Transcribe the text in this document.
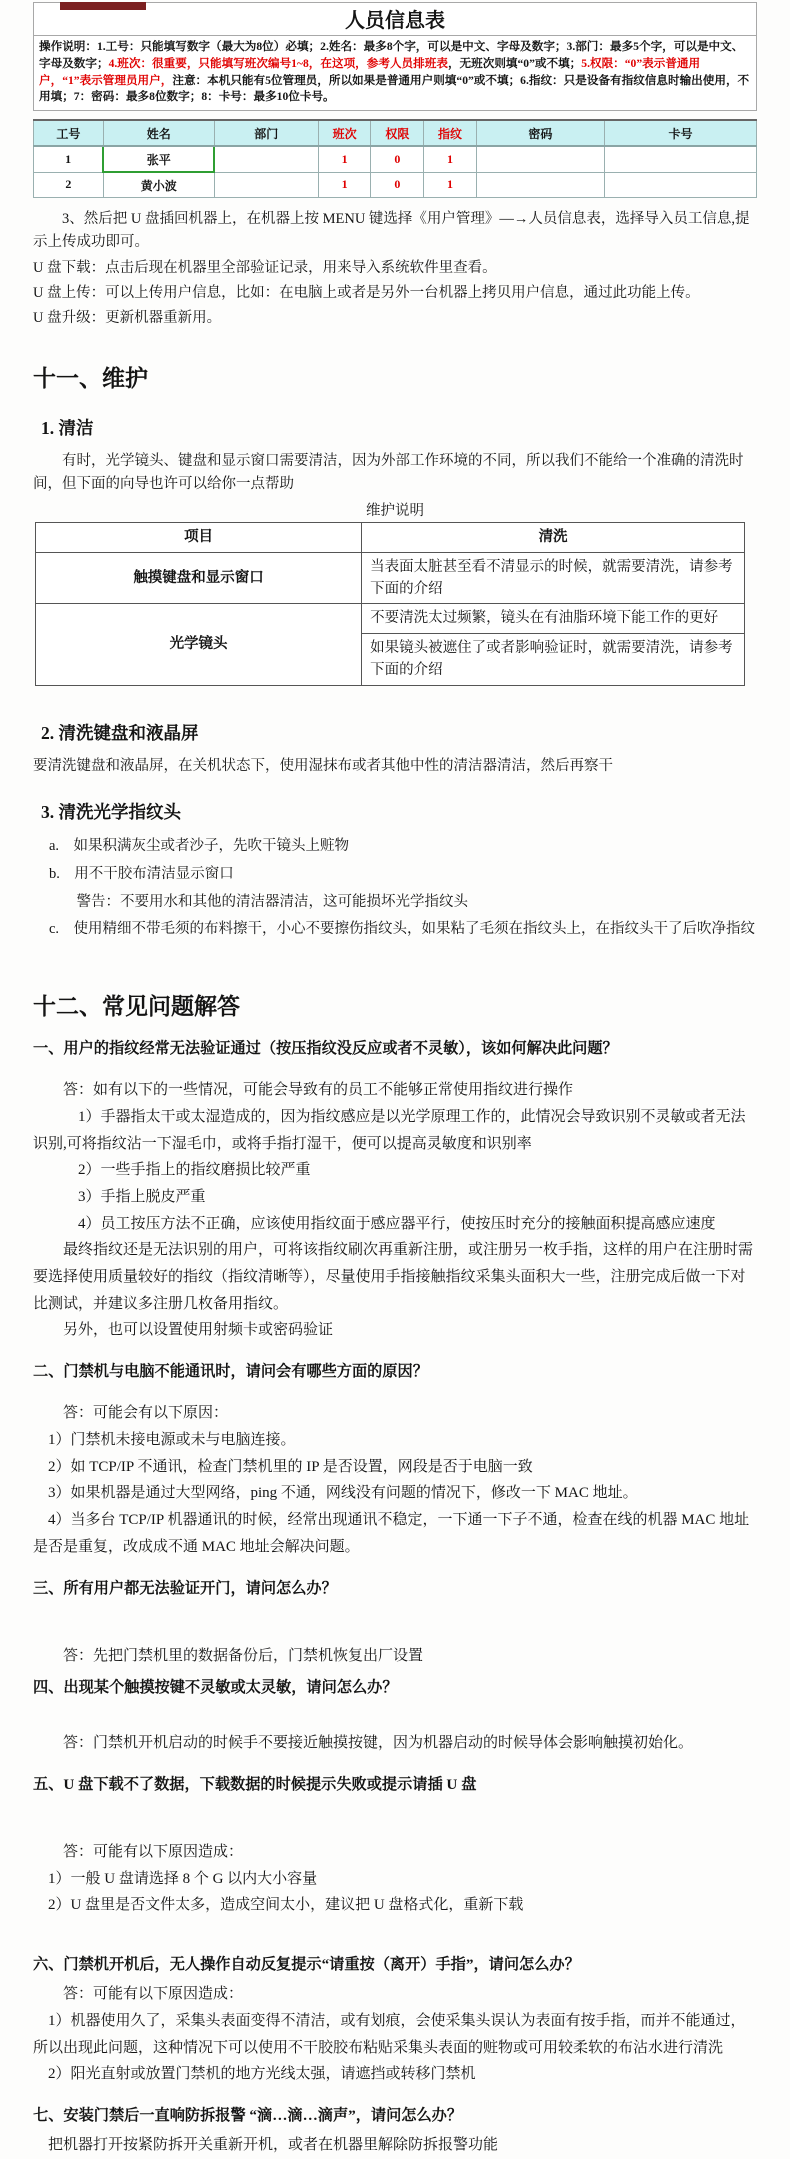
人员信息表

操作说明：1.工号：只能填写数字（最大为8位）必填；2.姓名：最多8个字，可以是中文、字母及数字；3.部门：最多5个字，可以是中文、字母及数字；4.班次：很重要，只能填写班次编号1~8，在这项，参考人员排班表，无班次则填“0”或不填；5.权限：“0”表示普通用户，“1”表示管理员用户，注意：本机只能有5位管理员，所以如果是普通用户则填“0”或不填；6.指纹：只是设备有指纹信息时输出使用，不用填；7：密码：最多8位数字；8：卡号：最多10位卡号。

工号	姓名	部门	班次	权限	指纹	密码	卡号
1	张平		1	0	1		
2	黄小波		1	0	1		

3、然后把 U 盘插回机器上，在机器上按 MENU 键选择《用户管理》—→人员信息表，选择导入员工信息,提示上传成功即可。

U 盘下载：点击后现在机器里全部验证记录，用来导入系统软件里查看。

U 盘上传：可以上传用户信息，比如：在电脑上或者是另外一台机器上拷贝用户信息，通过此功能上传。

U 盘升级：更新机器重新用。

十一、维护
1. 清洁

有时，光学镜头、键盘和显示窗口需要清洁，因为外部工作环境的不同，所以我们不能给一个准确的清洗时间，但下面的向导也许可以给你一点帮助

维护说明

项目	清洗
触摸键盘和显示窗口	当表面太脏甚至看不清显示的时候，就需要清洗，请参考下面的介绍
光学镜头	不要清洗太过频繁，镜头在有油脂环境下能工作的更好
	如果镜头被遮住了或者影响验证时，就需要清洗，请参考下面的介绍
2. 清洗键盘和液晶屏

要清洗键盘和液晶屏，在关机状态下，使用湿抹布或者其他中性的清洁器清洁，然后再察干

3. 清洗光学指纹头

a.　如果积满灰尘或者沙子，先吹干镜头上赃物

b.　用不干胶布清洁显示窗口

警告：不要用水和其他的清洁器清洁，这可能损坏光学指纹头

c.　使用精细不带毛须的布料擦干，小心不要擦伤指纹头，如果粘了毛须在指纹头上，在指纹头干了后吹净指纹

十二、常见问题解答

一、用户的指纹经常无法验证通过（按压指纹没反应或者不灵敏），该如何解决此问题？

答：如有以下的一些情况，可能会导致有的员工不能够正常使用指纹进行操作

1）手器指太干或太湿造成的，因为指纹感应是以光学原理工作的，此情况会导致识别不灵敏或者无法识别,可将指纹沾一下湿毛巾，或将手指打湿干，便可以提高灵敏度和识别率

2）一些手指上的指纹磨损比较严重

3）手指上脱皮严重

4）员工按压方法不正确，应该使用指纹面于感应器平行，使按压时充分的接触面积提高感应速度

最终指纹还是无法识别的用户，可将该指纹刷次再重新注册，或注册另一枚手指，这样的用户在注册时需要选择使用质量较好的指纹（指纹清晰等），尽量使用手指接触指纹采集头面积大一些，注册完成后做一下对比测试，并建议多注册几枚备用指纹。

另外，也可以设置使用射频卡或密码验证

二、门禁机与电脑不能通讯时，请问会有哪些方面的原因？

答：可能会有以下原因：

1）门禁机未接电源或未与电脑连接。

2）如 TCP/IP 不通讯，检查门禁机里的 IP 是否设置，网段是否于电脑一致

3）如果机器是通过大型网络，ping 不通，网线没有问题的情况下，修改一下 MAC 地址。

4）当多台 TCP/IP 机器通讯的时候，经常出现通讯不稳定，一下通一下子不通，检查在线的机器 MAC 地址是否是重复，改成成不通 MAC 地址会解决问题。

三、所有用户都无法验证开门，请问怎么办？

答：先把门禁机里的数据备份后，门禁机恢复出厂设置

四、出现某个触摸按键不灵敏或太灵敏，请问怎么办？

答：门禁机开机启动的时候手不要接近触摸按键，因为机器启动的时候导体会影响触摸初始化。

五、U 盘下载不了数据，下载数据的时候提示失败或提示请插 U 盘

答：可能有以下原因造成：

1）一般 U 盘请选择 8 个 G 以内大小容量

2）U 盘里是否文件太多，造成空间太小，建议把 U 盘格式化，重新下载

六、门禁机开机后，无人操作自动反复提示“请重按（离开）手指”，请问怎么办？

答：可能有以下原因造成：

1）机器使用久了，采集头表面变得不清洁，或有划痕，会使采集头误认为表面有按手指，而并不能通过，所以出现此问题，这种情况下可以使用不干胶胶布粘贴采集头表面的赃物或可用较柔软的布沾水进行清洗

2）阳光直射或放置门禁机的地方光线太强，请遮挡或转移门禁机

七、安装门禁后一直响防拆报警 “滴…滴…滴声”，请问怎么办？

把机器打开按紧防拆开关重新开机，或者在机器里解除防拆报警功能
